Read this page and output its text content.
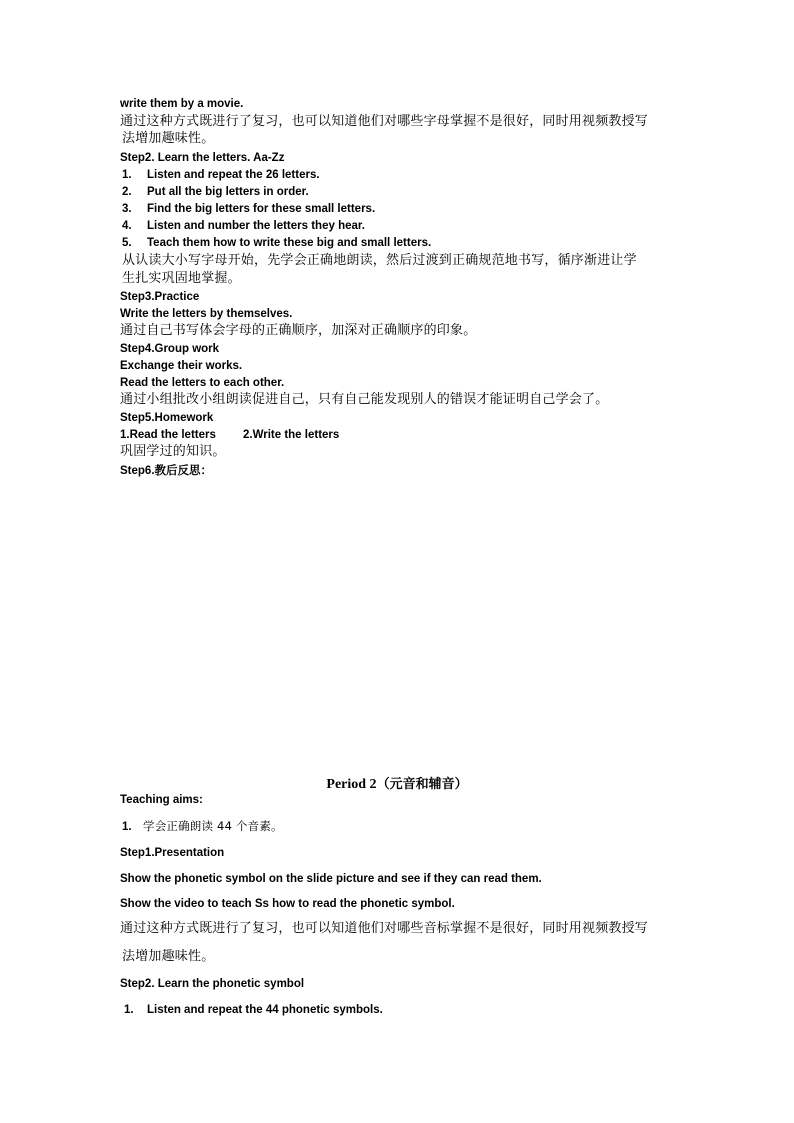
write them by a movie.
通过这种方式既进行了复习，也可以知道他们对哪些字母掌握不是很好，同时用视频教授写
法增加趣味性。
Step2. Learn the letters. Aa-Zz
1. Listen and repeat the 26 letters.
2. Put all the big letters in order.
3. Find the big letters for these small letters.
4. Listen and number the letters they hear.
5. Teach them how to write these big and small letters.
从认读大小写字母开始，先学会正确地朗读，然后过渡到正确规范地书写，循序渐进让学
生扎实巩固地掌握。
Step3.Practice
Write the letters by themselves.
通过自己书写体会字母的正确顺序，加深对正确顺序的印象。
Step4.Group work
Exchange their works.
Read the letters to each other.
通过小组批改小组朗读促进自己，只有自己能发现别人的错误才能证明自己学会了。
Step5.Homework
1.Read the letters 2.Write the letters
巩固学过的知识。
Step6.教后反思：
Period 2（元音和辅音）
Teaching aims:
1. 学会正确朗读 44 个音素。
Step1.Presentation
Show the phonetic symbol on the slide picture and see if they can read them.
Show the video to teach Ss how to read the phonetic symbol.
通过这种方式既进行了复习，也可以知道他们对哪些音标掌握不是很好，同时用视频教授写
法增加趣味性。
Step2. Learn the phonetic symbol
1. Listen and repeat the 44 phonetic symbols.
